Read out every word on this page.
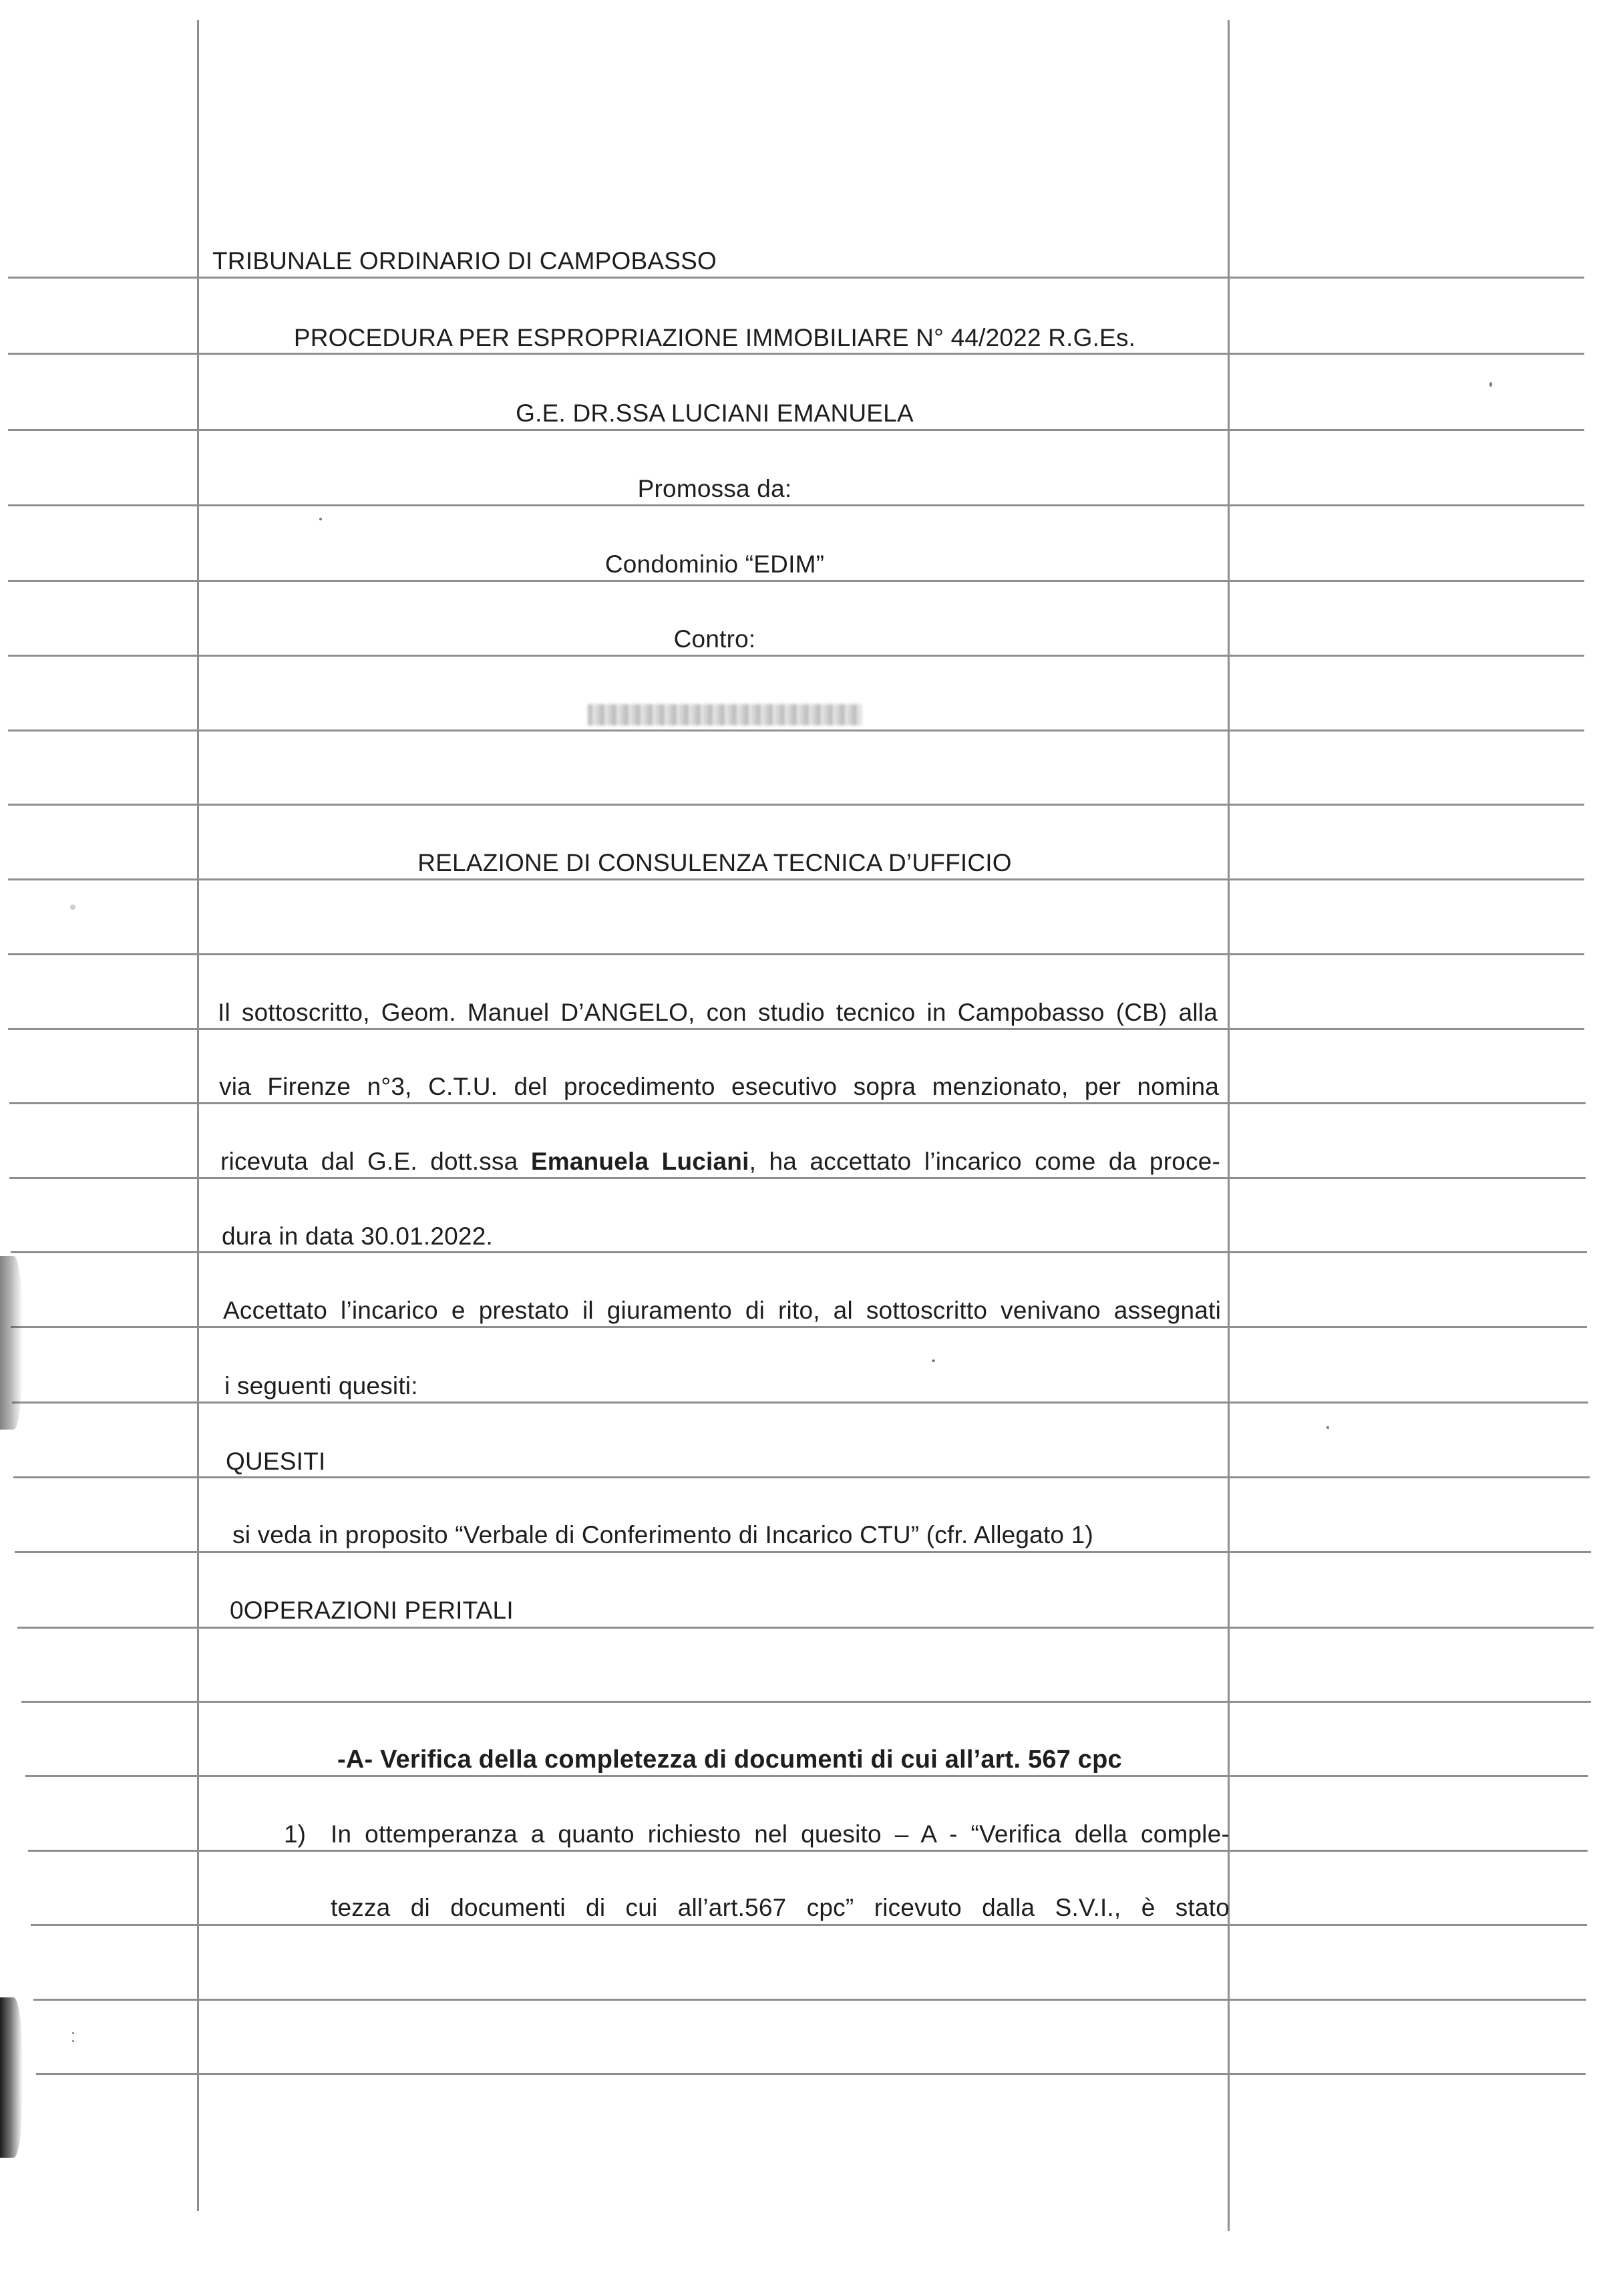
TRIBUNALE ORDINARIO DI CAMPOBASSO
PROCEDURA PER ESPROPRIAZIONE IMMOBILIARE N° 44/2022 R.G.Es.
G.E. DR.SSA LUCIANI EMANUELA
Promossa da:
Condominio “EDIM”
Contro:
RELAZIONE DI CONSULENZA TECNICA D’UFFICIO
Il sottoscritto, Geom. Manuel D’ANGELO, con studio tecnico in Campobasso (CB) alla
via Firenze n°3, C.T.U. del procedimento esecutivo sopra menzionato, per nomina
ricevuta dal G.E. dott.ssa Emanuela Luciani, ha accettato l’incarico come da proce-
dura in data 30.01.2022.
Accettato l’incarico e prestato il giuramento di rito, al sottoscritto venivano assegnati
i seguenti quesiti:
QUESITI
si veda in proposito “Verbale di Conferimento di Incarico CTU” (cfr. Allegato 1)
0OPERAZIONI PERITALI
-A- Verifica della completezza di documenti di cui all’art. 567 cpc
1) In ottemperanza a quanto richiesto nel quesito – A - “Verifica della comple-
tezza di documenti di cui all’art.567 cpc” ricevuto dalla S.V.I., è stato
